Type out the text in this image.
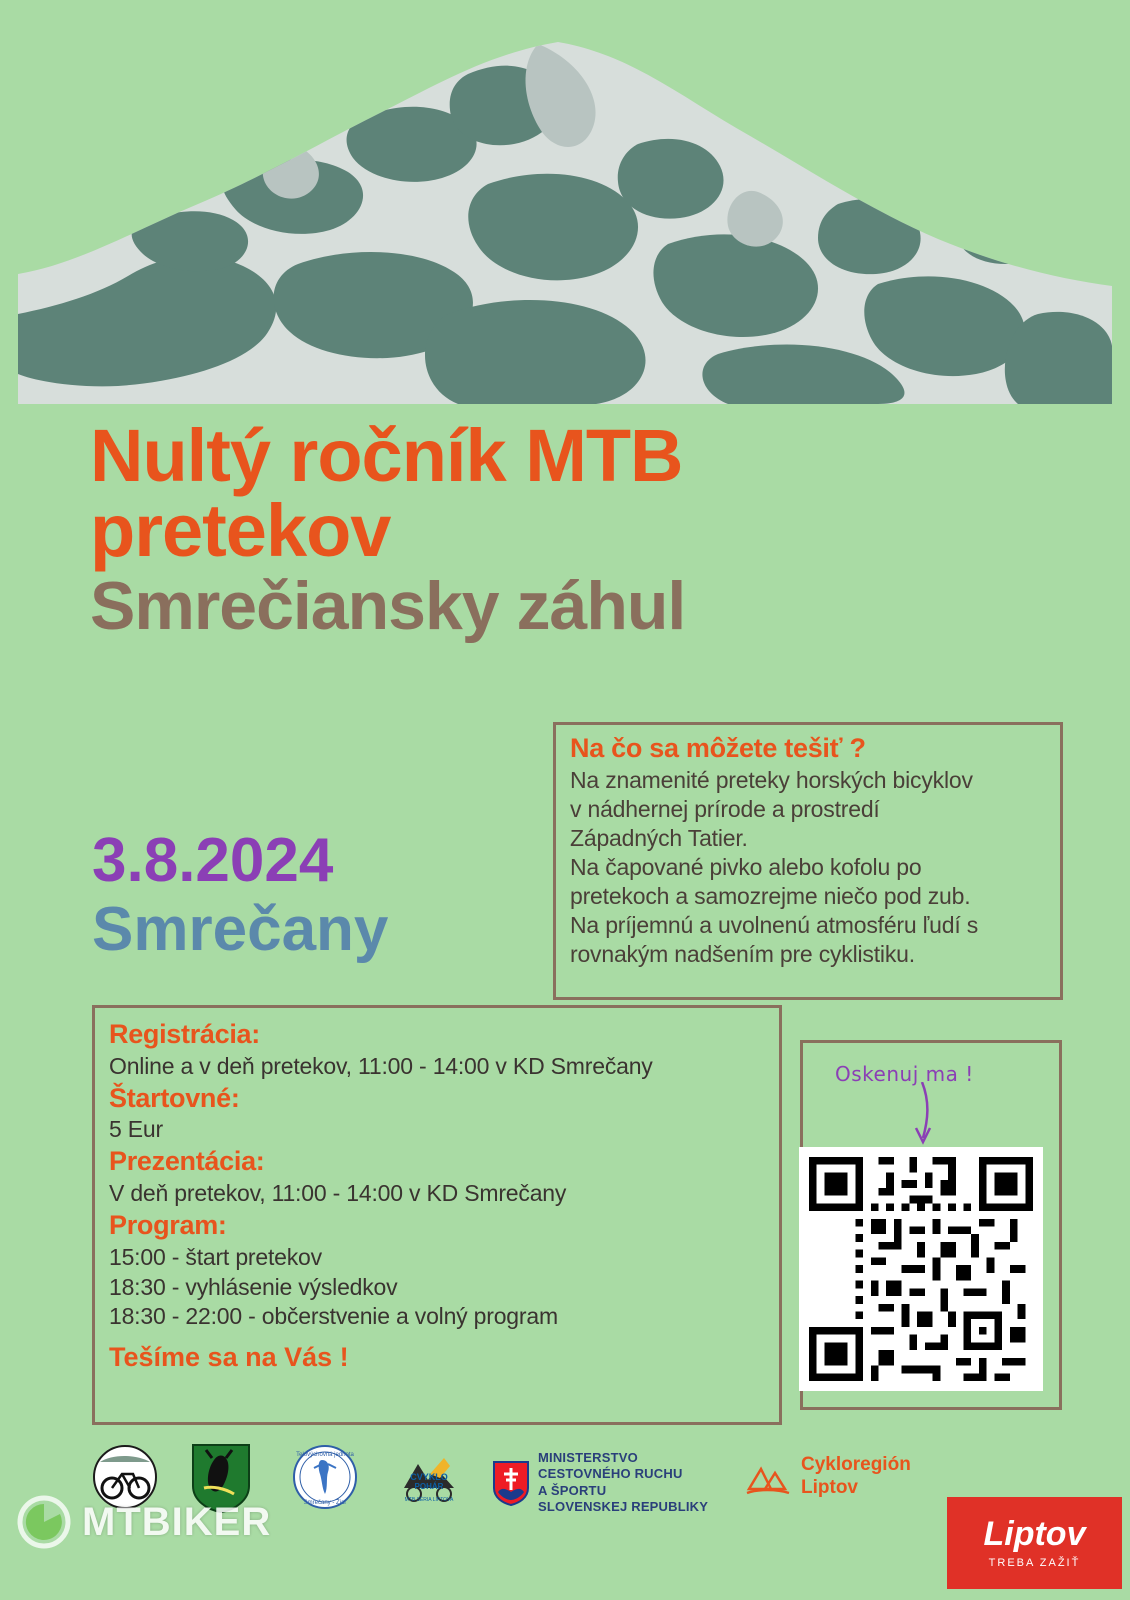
Nultý ročník MTB
pretekov
Smrečiansky záhul
3.8.2024
Smrečany
Na čo sa môžete tešiť ?
Na znamenité preteky horských bicyklov
v nádhernej prírode a prostredí
Západných Tatier.
Na čapované pivko alebo kofolu po
pretekoch a samozrejme niečo pod zub.
Na príjemnú a uvolnenú atmosféru ľudí s
rovnakým nadšením pre cyklistiku.
Registrácia:
Online a v deň pretekov, 11:00 - 14:00 v KD Smrečany
Štartovné:
5 Eur
Prezentácia:
V deň pretekov, 11:00 - 14:00 v KD Smrečany
Program:
15:00 - štart pretekov
18:30 - vyhlásenie výsledkov
18:30 - 22:00 - občerstvenie a volný program
Tešíme sa na Vás !
Oskenuj ma !
Smrečany - Žiar
Telovýchovná jednota
CVYKLO
POHÁR
MTB SÉRIA LIPTOVA
MINISTERSTVO
CESTOVNÉHO RUCHU
A ŠPORTU
SLOVENSKEJ REPUBLIKY
Cykloregión
Liptov
Liptov
TREBA ZAŽIŤ
MTBIKER
